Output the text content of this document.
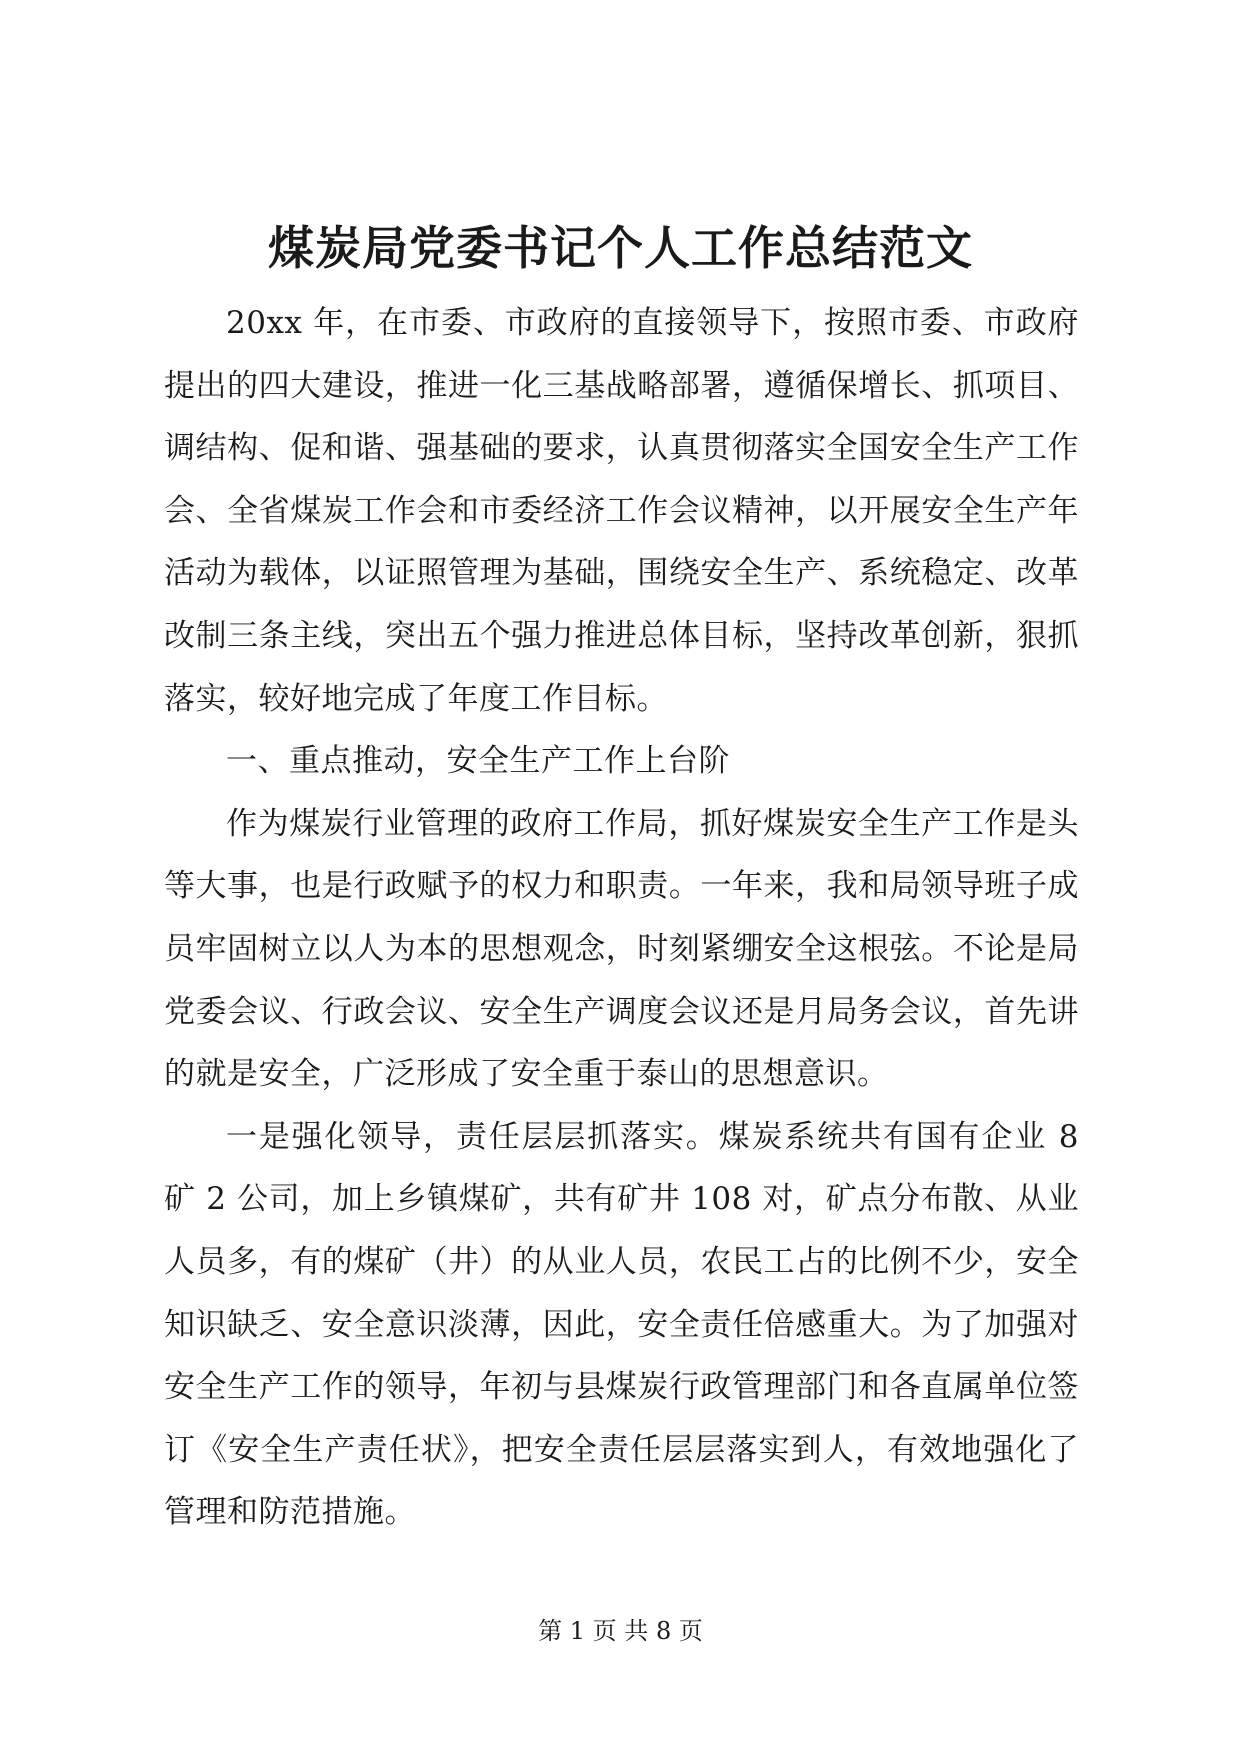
煤炭局党委书记个人工作总结范文

20xx 年，在市委、市政府的直接领导下，按照市委、市政府提出的四大建设，推进一化三基战略部署，遵循保增长、抓项目、调结构、促和谐、强基础的要求，认真贯彻落实全国安全生产工作会、全省煤炭工作会和市委经济工作会议精神，以开展安全生产年活动为载体，以证照管理为基础，围绕安全生产、系统稳定、改革改制三条主线，突出五个强力推进总体目标，坚持改革创新，狠抓落实，较好地完成了年度工作目标。

一、重点推动，安全生产工作上台阶

作为煤炭行业管理的政府工作局，抓好煤炭安全生产工作是头等大事，也是行政赋予的权力和职责。一年来，我和局领导班子成员牢固树立以人为本的思想观念，时刻紧绷安全这根弦。不论是局党委会议、行政会议、安全生产调度会议还是月局务会议，首先讲的就是安全，广泛形成了安全重于泰山的思想意识。

一是强化领导，责任层层抓落实。煤炭系统共有国有企业 8 矿 2 公司，加上乡镇煤矿，共有矿井 108 对，矿点分布散、从业人员多，有的煤矿（井）的从业人员，农民工占的比例不少，安全知识缺乏、安全意识淡薄，因此，安全责任倍感重大。为了加强对安全生产工作的领导，年初与县煤炭行政管理部门和各直属单位签订《安全生产责任状》，把安全责任层层落实到人，有效地强化了管理和防范措施。

第 1 页 共 8 页
